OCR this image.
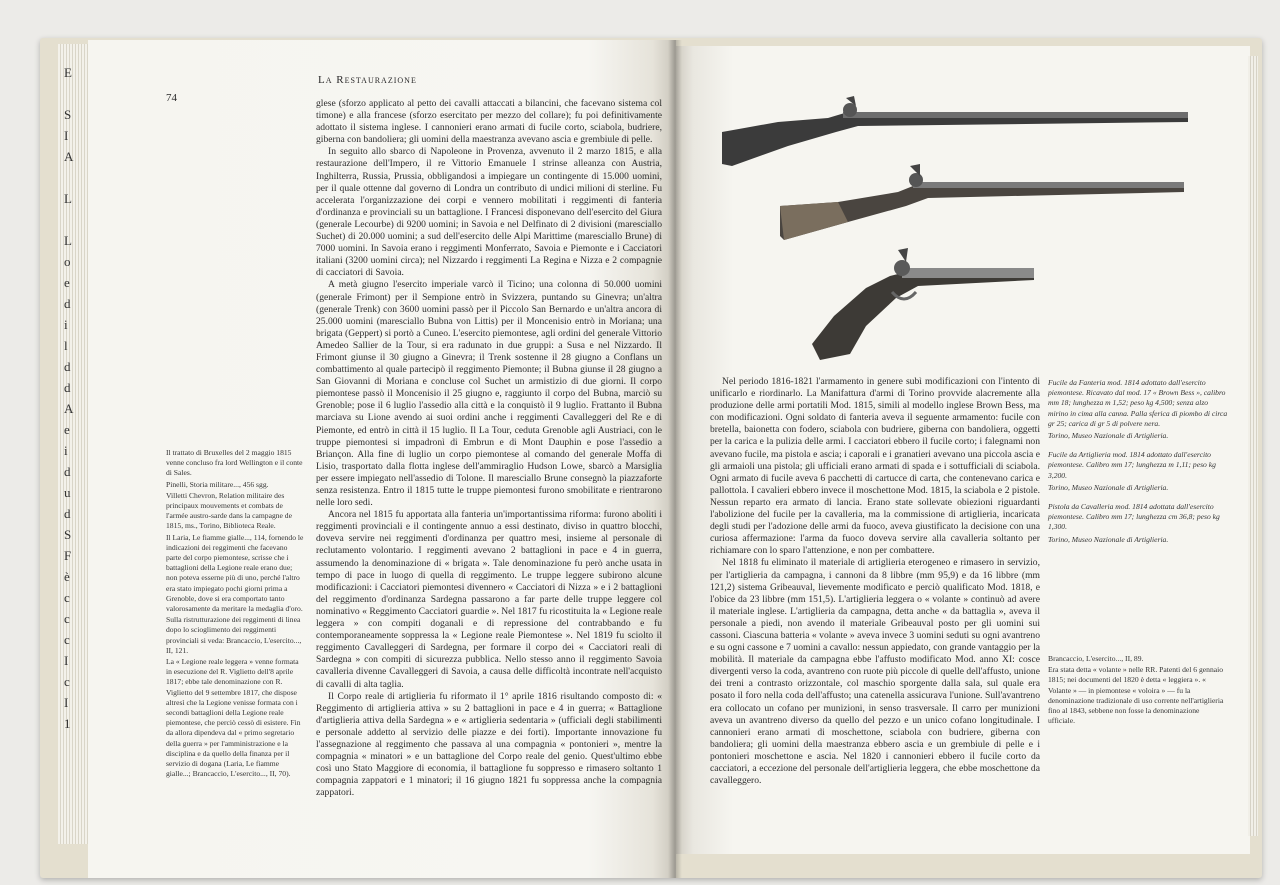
E

S
I
A

L

L
o
e
d
i
l
d
d
A
e
i
d
u
d
S
F
è
c
c
c
I
c
I
1
74
La Restaurazione

glese (sforzo applicato al petto dei cavalli attaccati a bilancini, che facevano sistema col timone) e alla francese (sforzo esercitato per mezzo del collare); fu poi definitivamente adottato il sistema inglese. I cannonieri erano armati di fucile corto, sciabola, budriere, giberna con bandoliera; gli uomini della maestranza avevano ascia e grembiule di pelle.

In seguito allo sbarco di Napoleone in Provenza, avvenuto il 2 marzo 1815, e alla restaurazione dell'Impero, il re Vittorio Emanuele I strinse alleanza con Austria, Inghilterra, Russia, Prussia, obbligandosi a impiegare un contingente di 15.000 uomini, per il quale ottenne dal governo di Londra un contributo di undici milioni di sterline. Fu accelerata l'organizzazione dei corpi e vennero mobilitati i reggimenti di fanteria d'ordinanza e provinciali su un battaglione. I Francesi disponevano dell'esercito del Giura (generale Lecourbe) di 9200 uomini; in Savoia e nel Delfinato di 2 divisioni (maresciallo Suchet) di 20.000 uomini; a sud dell'esercito delle Alpi Marittime (maresciallo Brune) di 7000 uomini. In Savoia erano i reggimenti Monferrato, Savoia e Piemonte e i Cacciatori italiani (3200 uomini circa); nel Nizzardo i reggimenti La Regina e Nizza e 2 compagnie di cacciatori di Savoia.

A metà giugno l'esercito imperiale varcò il Ticino; una colonna di 50.000 uomini (generale Frimont) per il Sempione entrò in Svizzera, puntando su Ginevra; un'altra (generale Trenk) con 3600 uomini passò per il Piccolo San Bernardo e un'altra ancora di 25.000 uomini (maresciallo Bubna von Littis) per il Moncenisio entrò in Moriana; una brigata (Geppert) si portò a Cuneo. L'esercito piemontese, agli ordini del generale Vittorio Amedeo Sallier de la Tour, si era radunato in due gruppi: a Susa e nel Nizzardo. Il Frimont giunse il 30 giugno a Ginevra; il Trenk sostenne il 28 giugno a Conflans un combattimento al quale partecipò il reggimento Piemonte; il Bubna giunse il 28 giugno a San Giovanni di Moriana e concluse col Suchet un armistizio di due giorni. Il corpo piemontese passò il Moncenisio il 25 giugno e, raggiunto il corpo del Bubna, marciò su Grenoble; pose il 6 luglio l'assedio alla città e la conquistò il 9 luglio. Frattanto il Bubna marciava su Lione avendo ai suoi ordini anche i reggimenti Cavalleggeri del Re e di Piemonte, ed entrò in città il 15 luglio. Il La Tour, ceduta Grenoble agli Austriaci, con le truppe piemontesi si impadronì di Embrun e di Mont Dauphin e pose l'assedio a Briançon. Alla fine di luglio un corpo piemontese al comando del generale Moffa di Lisio, trasportato dalla flotta inglese dell'ammiraglio Hudson Lowe, sbarcò a Marsiglia per essere impiegato nell'assedio di Tolone. Il maresciallo Brune consegnò la piazzaforte senza resistenza. Entro il 1815 tutte le truppe piemontesi furono smobilitate e rientrarono nelle loro sedi.

Ancora nel 1815 fu apportata alla fanteria un'importantissima riforma: furono aboliti i reggimenti provinciali e il contingente annuo a essi destinato, diviso in quattro blocchi, doveva servire nei reggimenti d'ordinanza per quattro mesi, insieme al personale di reclutamento volontario. I reggimenti avevano 2 battaglioni in pace e 4 in guerra, assumendo la denominazione di « brigata ». Tale denominazione fu però anche usata in tempo di pace in luogo di quella di reggimento. Le truppe leggere subirono alcune modificazioni: i Cacciatori piemontesi divennero « Cacciatori di Nizza » e i 2 battaglioni del reggimento d'ordinanza Sardegna passarono a far parte delle truppe leggere col nominativo « Reggimento Cacciatori guardie ». Nel 1817 fu ricostituita la « Legione reale leggera » con compiti doganali e di repressione del contrabbando e fu contemporaneamente soppressa la « Legione reale Piemontese ». Nel 1819 fu sciolto il reggimento Cavalleggeri di Sardegna, per formare il corpo dei « Cacciatori reali di Sardegna » con compiti di sicurezza pubblica. Nello stesso anno il reggimento Savoia cavalleria divenne Cavalleggeri di Savoia, a causa delle difficoltà incontrate nell'acquisto di cavalli di alta taglia.

Il Corpo reale di artiglieria fu riformato il 1° aprile 1816 risultando composto di: « Reggimento di artiglieria attiva » su 2 battaglioni in pace e 4 in guerra; « Battaglione d'artiglieria attiva della Sardegna » e « artiglieria sedentaria » (ufficiali degli stabilimenti e personale addetto al servizio delle piazze e dei forti). Importante innovazione fu l'assegnazione al reggimento che passava al una compagnia « pontonieri », mentre la compagnia « minatori » e un battaglione del Corpo reale del genio. Quest'ultimo ebbe così uno Stato Maggiore di economia, il battaglione fu soppresso e rimasero soltanto 1 compagnia zappatori e 1 minatori; il 16 giugno 1821 fu soppressa anche la compagnia zappatori.

Il trattato di Bruxelles del 2 maggio 1815 venne concluso fra lord Wellington e il conte di Sales.

Pinelli, Storia militare..., 456 sgg.

Villetti Chevron, Relation militaire des principaux mouvements et combats de l'armée austro-sarde dans la campagne de 1815, ms., Torino, Biblioteca Reale.

Il Laria, Le fiamme gialle..., 114, fornendo le indicazioni dei reggimenti che facevano parte del corpo piemontese, scrisse che i battaglioni della Legione reale erano due; non poteva esserne più di uno, perché l'altro era stato impiegato pochi giorni prima a Grenoble, dove si era comportato tanto valorosamente da meritare la medaglia d'oro.

Sulla ristrutturazione dei reggimenti di linea dopo lo scioglimento dei reggimenti provinciali si veda: Brancaccio, L'esercito..., II, 121.

La « Legione reale leggera » venne formata in esecuzione del R. Viglietto dell'8 aprile 1817; ebbe tale denominazione con R. Viglietto del 9 settembre 1817, che dispose altresì che la Legione venisse formata con i secondi battaglioni della Legione reale piemontese, che perciò cessò di esistere. Fin da allora dipendeva dal « primo segretario della guerra » per l'amministrazione e la disciplina e da quello della finanza per il servizio di dogana (Laria, Le fiamme gialle...; Brancaccio, L'esercito..., II, 70).

Nel periodo 1816-1821 l'armamento in genere subì modificazioni con l'intento di unificarlo e riordinarlo. La Manifattura d'armi di Torino provvide alacremente alla produzione delle armi portatili Mod. 1815, simili al modello inglese Brown Bess, ma con modificazioni. Ogni soldato di fanteria aveva il seguente armamento: fucile con bretella, baionetta con fodero, sciabola con budriere, giberna con bandoliera, oggetti per la carica e la pulizia delle armi. I cacciatori ebbero il fucile corto; i falegnami non avevano fucile, ma pistola e ascia; i caporali e i granatieri avevano una piccola ascia e gli armaioli una pistola; gli ufficiali erano armati di spada e i sottufficiali di sciabola. Ogni armato di fucile aveva 6 pacchetti di cartucce di carta, che contenevano carica e pallottola. I cavalieri ebbero invece il moschettone Mod. 1815, la sciabola e 2 pistole. Nessun reparto era armato di lancia. Erano state sollevate obiezioni riguardanti l'abolizione del fucile per la cavalleria, ma la commissione di artiglieria, incaricata degli studi per l'adozione delle armi da fuoco, aveva giustificato la decisione con una curiosa affermazione: l'arma da fuoco doveva servire alla cavalleria soltanto per richiamare con lo sparo l'attenzione, e non per combattere.

Nel 1818 fu eliminato il materiale di artiglieria eterogeneo e rimasero in servizio, per l'artiglieria da campagna, i cannoni da 8 libbre (mm 95,9) e da 16 libbre (mm 121,2) sistema Gribeauval, lievemente modificato e perciò qualificato Mod. 1818, e l'obice da 23 libbre (mm 151,5). L'artiglieria leggera o « volante » continuò ad avere il materiale inglese. L'artiglieria da campagna, detta anche « da battaglia », aveva il personale a piedi, non avendo il materiale Gribeauval posto per gli uomini sui cassoni. Ciascuna batteria « volante » aveva invece 3 uomini seduti su ogni avantreno e su ogni cassone e 7 uomini a cavallo: nessun appiedato, con grande vantaggio per la mobilità. Il materiale da campagna ebbe l'affusto modificato Mod. anno XI: cosce divergenti verso la coda, avantreno con ruote più piccole di quelle dell'affusto, unione dei treni a contrasto orizzontale, col maschio sporgente dalla sala, sul quale era posato il foro nella coda dell'affusto; una catenella assicurava l'unione. Sull'avantreno era collocato un cofano per munizioni, in senso trasversale. Il carro per munizioni aveva un avantreno diverso da quello del pezzo e un unico cofano longitudinale. I cannonieri erano armati di moschettone, sciabola con budriere, giberna con bandoliera; gli uomini della maestranza ebbero ascia e un grembiule di pelle e i pontonieri moschettone e ascia. Nel 1820 i cannonieri ebbero il fucile corto da cacciatori, a eccezione del personale dell'artiglieria leggera, che ebbe moschettone da cavalleggero.

Fucile da Fanteria mod. 1814 adottato dall'esercito piemontese. Ricavato dal mod. 17 « Brown Bess », calibro mm 18; lunghezza m 1,52; peso kg 4,500; senza alzo mirino in cima alla canna. Palla sferica di piombo di circa gr 25; carica di gr 5 di polvere nera.

Torino, Museo Nazionale di Artiglieria.

Fucile da Artiglieria mod. 1814 adottato dall'esercito piemontese. Calibro mm 17; lunghezza m 1,11; peso kg 3,200.

Torino, Museo Nazionale di Artiglieria.

Pistola da Cavalleria mod. 1814 adottata dall'esercito piemontese. Calibro mm 17; lunghezza cm 36,8; peso kg 1,300.

Torino, Museo Nazionale di Artiglieria.

Brancaccio, L'esercito..., II, 89.

Era stata detta « volante » nelle RR. Patenti del 6 gennaio 1815; nei documenti del 1820 è detta « leggiera ». « Volante » — in piemontese « voloira » — fu la denominazione tradizionale di uso corrente nell'artiglieria fino al 1843, sebbene non fosse la denominazione ufficiale.
